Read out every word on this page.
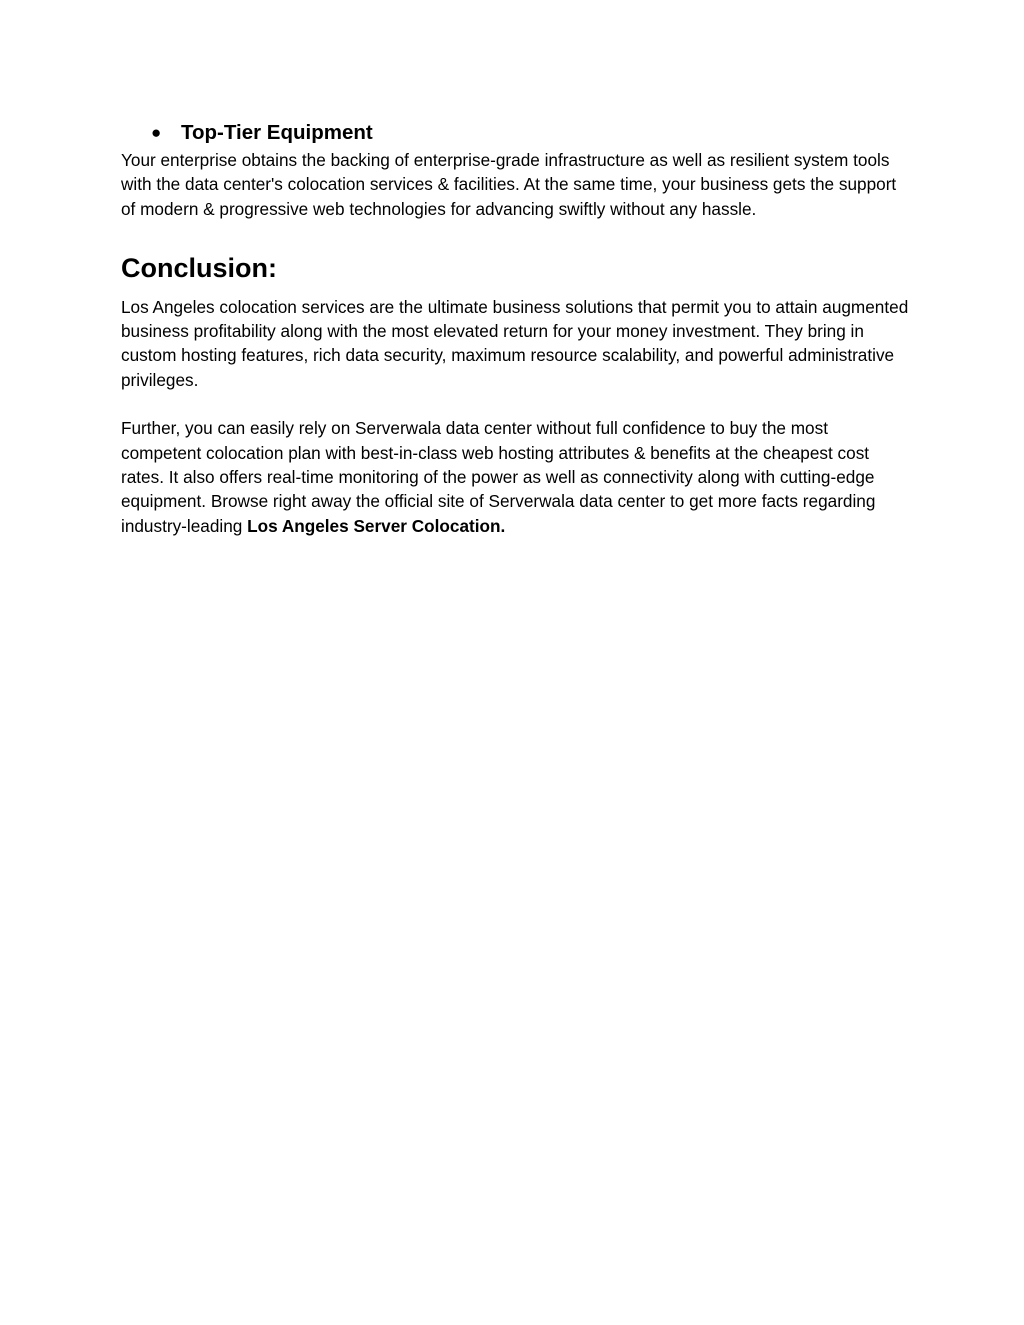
● Top-Tier Equipment

Your enterprise obtains the backing of enterprise-grade infrastructure as well as resilient system tools with the data center's colocation services & facilities. At the same time, your business gets the support of modern & progressive web technologies for advancing swiftly without any hassle.

Conclusion:

Los Angeles colocation services are the ultimate business solutions that permit you to attain augmented business profitability along with the most elevated return for your money investment. They bring in custom hosting features, rich data security, maximum resource scalability, and powerful administrative privileges.

Further, you can easily rely on Serverwala data center without full confidence to buy the most competent colocation plan with best-in-class web hosting attributes & benefits at the cheapest cost rates. It also offers real-time monitoring of the power as well as connectivity along with cutting-edge equipment. Browse right away the official site of Serverwala data center to get more facts regarding industry-leading Los Angeles Server Colocation.
